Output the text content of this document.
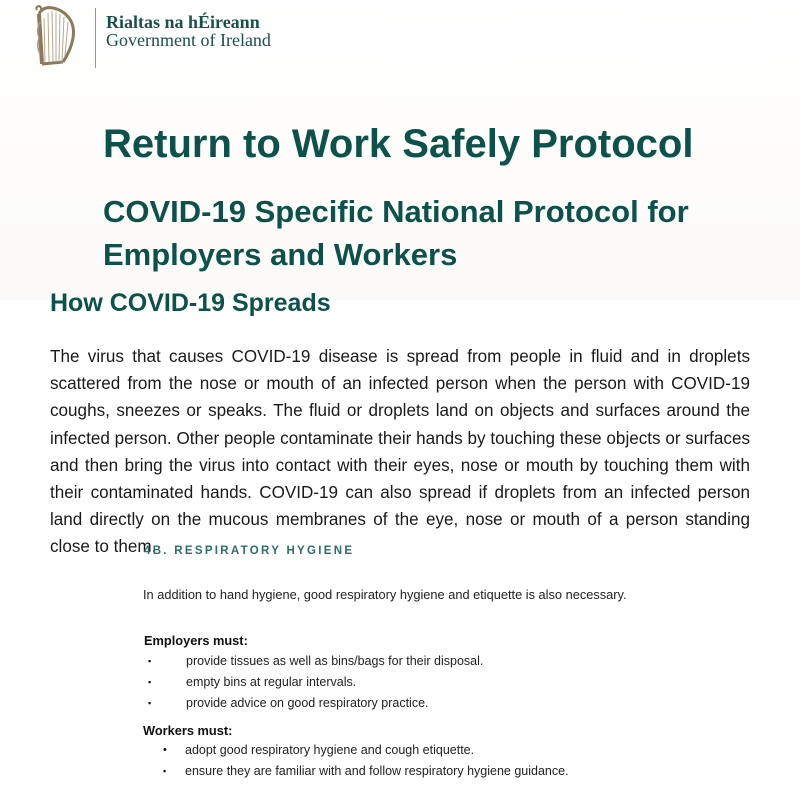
Rialtas na hÉireann
Government of Ireland
Return to Work Safely Protocol
COVID-19 Specific National Protocol for
Employers and Workers
How COVID-19 Spreads

The virus that causes COVID-19 disease is spread from people in fluid and in droplets scattered from the nose or mouth of an infected person when the person with COVID-19 coughs, sneezes or speaks. The fluid or droplets land on objects and surfaces around the infected person. Other people contaminate their hands by touching these objects or surfaces and then bring the virus into contact with their eyes, nose or mouth by touching them with their contaminated hands. COVID-19 can also spread if droplets from an infected person land directly on the mucous membranes of the eye, nose or mouth of a person standing close to them.

4B. RESPIRATORY HYGIENE

In addition to hand hygiene, good respiratory hygiene and etiquette is also necessary.

Employers must:
▪	provide tissues as well as bins/bags for their disposal.
▪	empty bins at regular intervals.
▪	provide advice on good respiratory practice.
Workers must:
• adopt good respiratory hygiene and cough etiquette.
▪ ensure they are familiar with and follow respiratory hygiene guidance.
